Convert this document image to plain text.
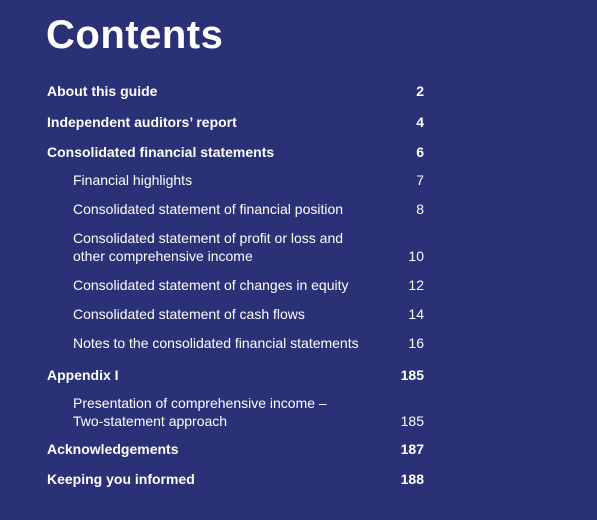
Contents
About this guide	2
Independent auditors’ report	4
Consolidated financial statements	6
Financial highlights	7
Consolidated statement of financial position	8
Consolidated statement of profit or loss and
other comprehensive income	10
Consolidated statement of changes in equity	12
Consolidated statement of cash flows	14
Notes to the consolidated financial statements	16
Appendix I	185
Presentation of comprehensive income –
Two-statement approach	185
Acknowledgements	187
Keeping you informed	188
